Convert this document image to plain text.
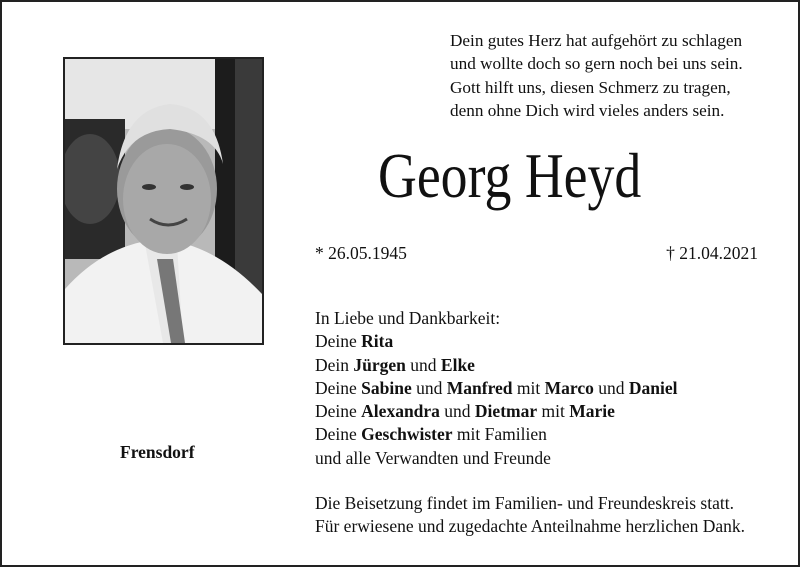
Dein gutes Herz hat aufgehört zu schlagen
und wollte doch so gern noch bei uns sein.
Gott hilft uns, diesen Schmerz zu tragen,
denn ohne Dich wird vieles anders sein.
Georg Heyd
* 26.05.1945	† 21.04.2021
In Liebe und Dankbarkeit:
Deine Rita
Dein Jürgen und Elke
Deine Sabine und Manfred mit Marco und Daniel
Deine Alexandra und Dietmar mit Marie
Deine Geschwister mit Familien
und alle Verwandten und Freunde
Frensdorf
Die Beisetzung findet im Familien- und Freundeskreis statt.
Für erwiesene und zugedachte Anteilnahme herzlichen Dank.
